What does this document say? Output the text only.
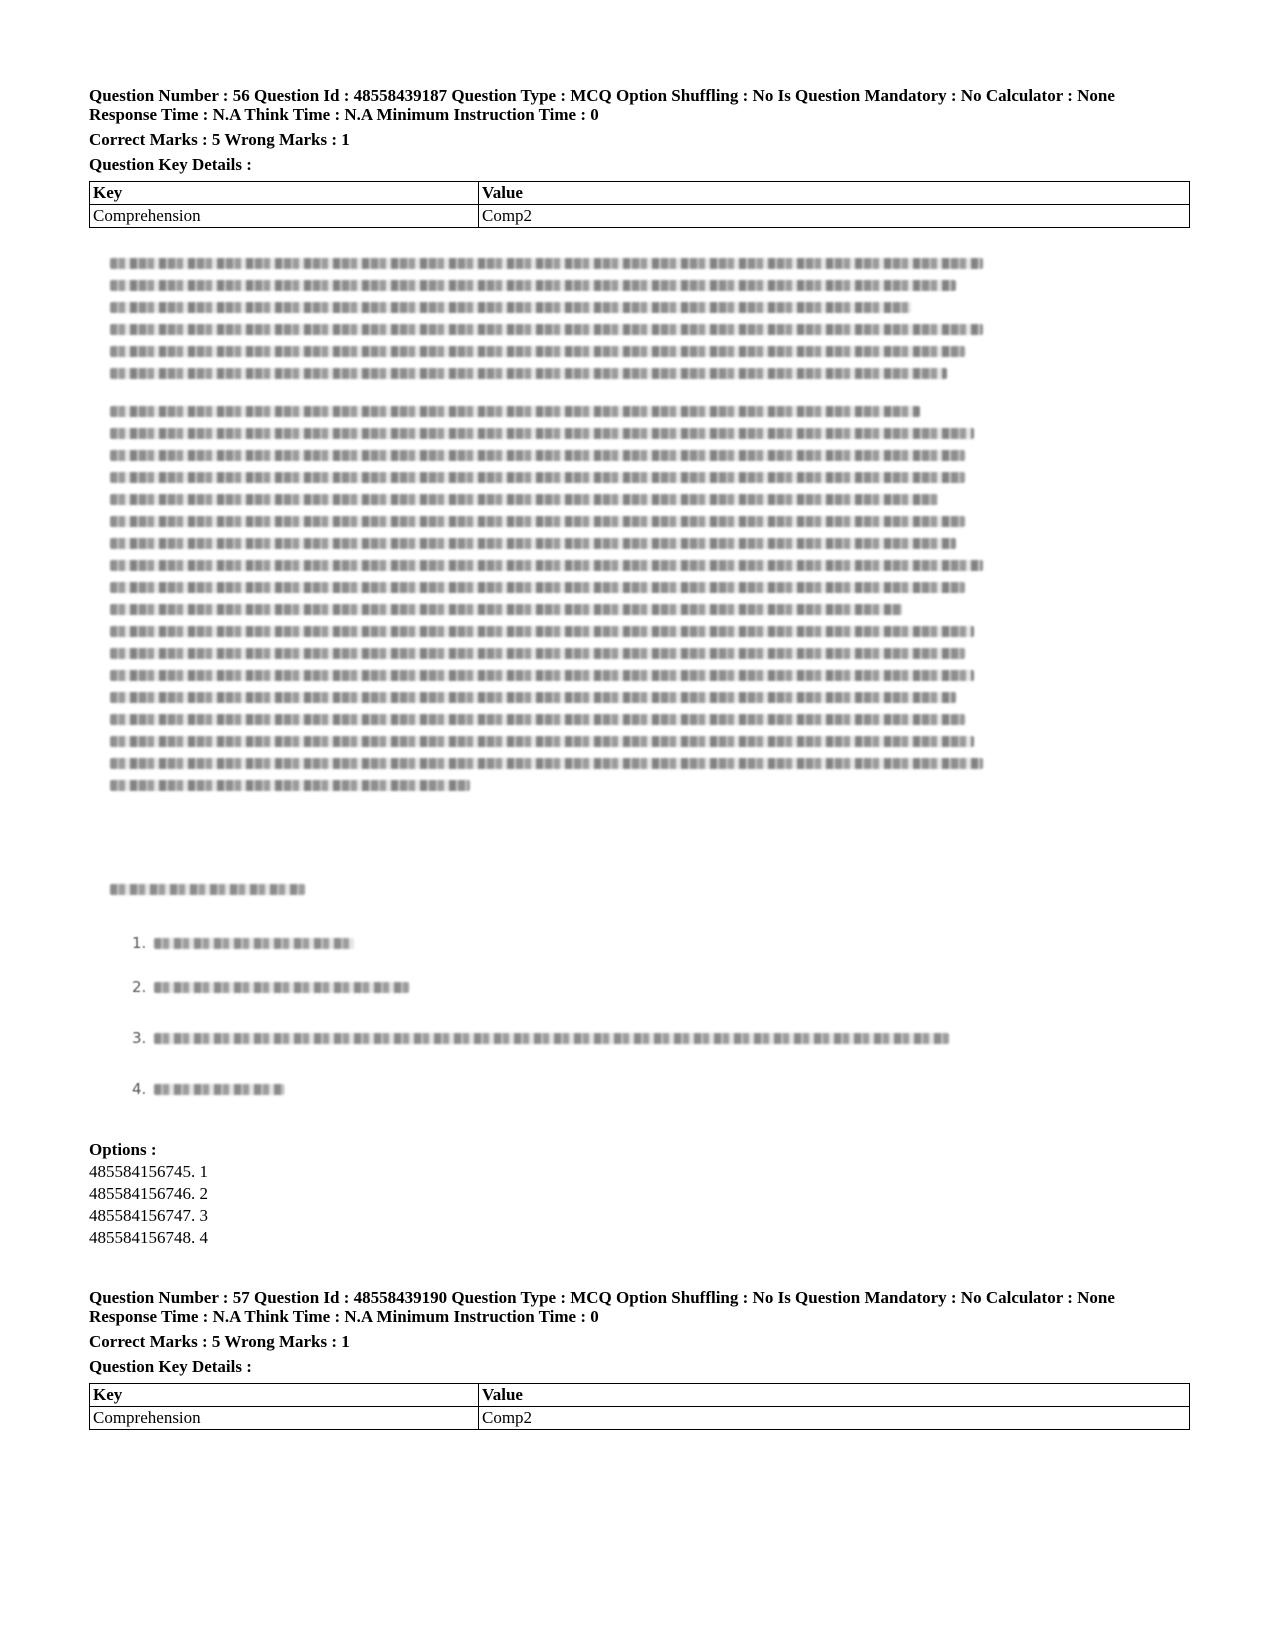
Question Number : 56 Question Id : 48558439187 Question Type : MCQ Option Shuffling : No Is Question Mandatory : No Calculator : None
Response Time : N.A Think Time : N.A Minimum Instruction Time : 0
Correct Marks : 5 Wrong Marks : 1
Question Key Details :
Key	Value
Comprehension	Comp2
1.
2.
3.
4.
Options :
485584156745. 1
485584156746. 2
485584156747. 3
485584156748. 4
Question Number : 57 Question Id : 48558439190 Question Type : MCQ Option Shuffling : No Is Question Mandatory : No Calculator : None
Response Time : N.A Think Time : N.A Minimum Instruction Time : 0
Correct Marks : 5 Wrong Marks : 1
Question Key Details :
Key	Value
Comprehension	Comp2
